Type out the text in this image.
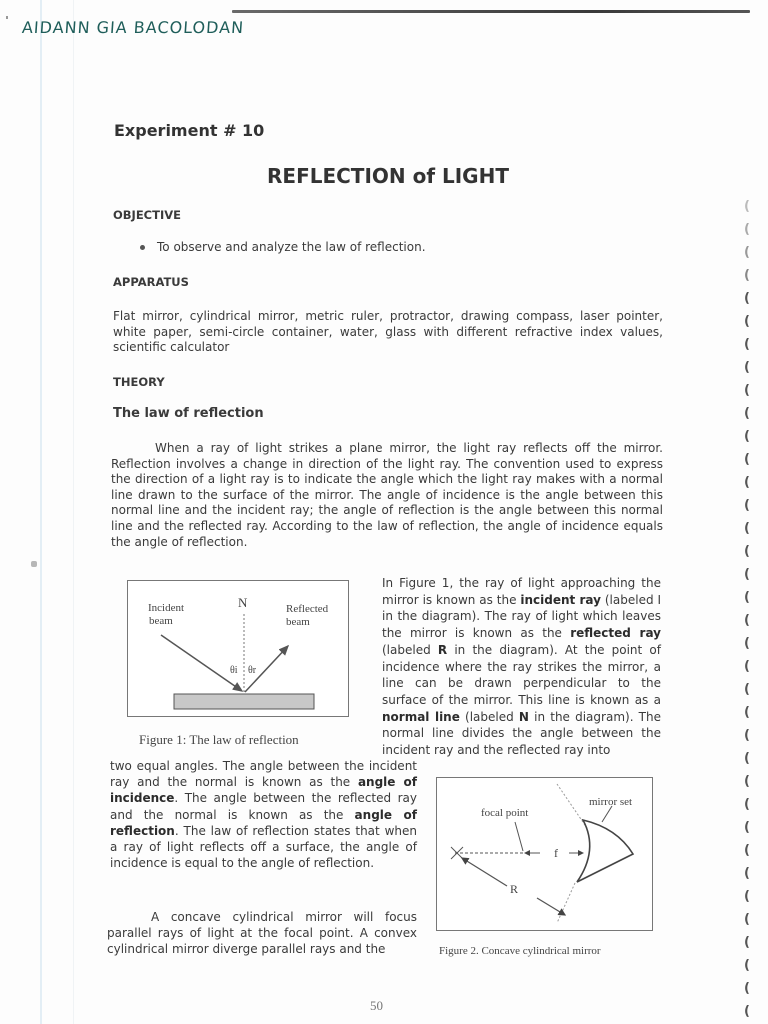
AIDANN GIA BACOLODAN
Experiment # 10
REFLECTION of LIGHT
OBJECTIVE
To observe and analyze the law of reflection.
APPARATUS
Flat mirror, cylindrical mirror, metric ruler, protractor, drawing compass, laser pointer, white paper, semi-circle container, water, glass with different refractive index values, scientific calculator
THEORY
The law of reflection
When a ray of light strikes a plane mirror, the light ray reflects off the mirror. Reflection involves a change in direction of the light ray. The convention used to express the direction of a light ray is to indicate the angle which the light ray makes with a normal line drawn to the surface of the mirror. The angle of incidence is the angle between this normal line and the incident ray; the angle of reflection is the angle between this normal line and the reflected ray. According to the law of reflection, the angle of incidence equals the angle of reflection.
Incident
beam
N	Reflected
beam
θi θr
Figure 1: The law of reflection
In Figure 1, the ray of light approaching the mirror is known as the incident ray (labeled I in the diagram). The ray of light which leaves the mirror is known as the reflected ray (labeled R in the diagram). At the point of incidence where the ray strikes the mirror, a line can be drawn perpendicular to the surface of the mirror. This line is known as a normal line (labeled N in the diagram). The normal line divides the angle between the incident ray and the reflected ray into
two equal angles. The angle between the incident ray and the normal is known as the angle of incidence. The angle between the reflected ray and the normal is known as the angle of reflection. The law of reflection states that when a ray of light reflects off a surface, the angle of incidence is equal to the angle of reflection.
A concave cylindrical mirror will focus parallel rays of light at the focal point. A convex cylindrical mirror diverge parallel rays and the
mirror set
focal point
f
R
Figure 2. Concave cylindrical mirror
(
(
(
(
(
(
(
(
(
(
(
(
(
(
(
(
(
(
(
(
(
(
(
(
(
(
(
(
(
(
(
(
(
(
(
(
50
